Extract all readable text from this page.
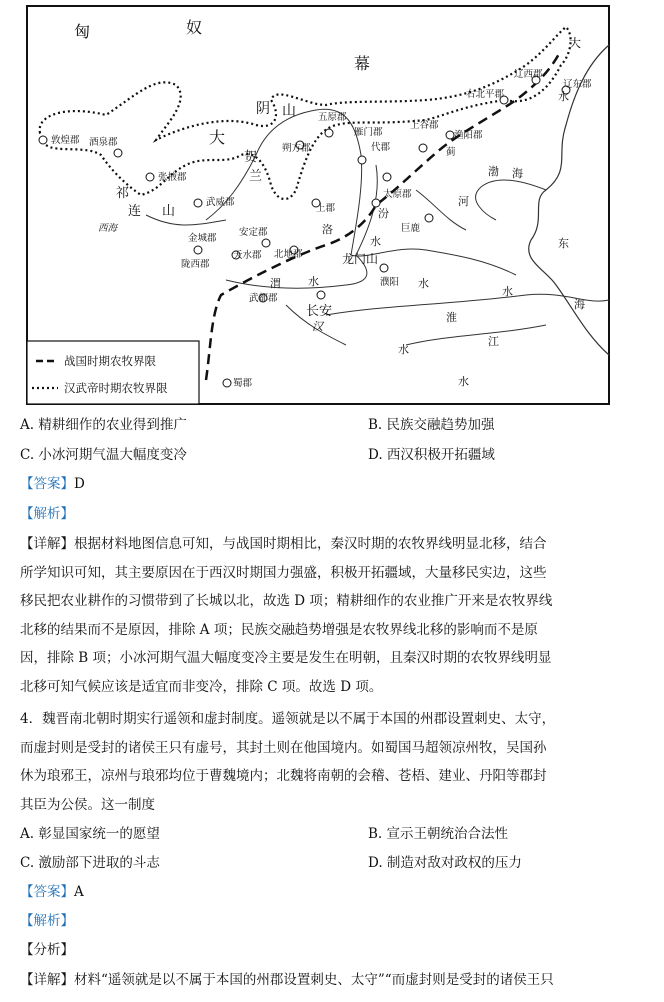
匈	奴
幕
大
大
祁
连 山
贺
兰
阴 山
龙门山
敦煌郡 酒泉郡
张掖郡
武威郡
金城郡
陇西郡
天水郡
安定郡
北地郡
上郡
五原郡
朔方郡
雁门郡
代郡
太原郡
巨鹿
上谷郡
渔阳郡
右北平郡
辽西郡
辽东郡
蓟
武都郡
蜀郡
濮阳
长安
西海
渤 海
东
海
河
汾
洛
渭
水
水	水
水
水
水
水
淮
汉
江
战国时期农牧界限
汉武帝时期农牧界限
A. 精耕细作的农业得到推广	B. 民族交融趋势加强
C. 小冰河期气温大幅度变冷	D. 西汉积极开拓疆域
【答案】D
【解析】
【详解】根据材料地图信息可知，与战国时期相比，秦汉时期的农牧界线明显北移，结合
所学知识可知，其主要原因在于西汉时期国力强盛，积极开拓疆域，大量移民实边，这些
移民把农业耕作的习惯带到了长城以北，故选 D 项；精耕细作的农业推广开来是农牧界线
北移的结果而不是原因，排除 A 项；民族交融趋势增强是农牧界线北移的影响而不是原
因，排除 B 项；小冰河期气温大幅度变冷主要是发生在明朝，且秦汉时期的农牧界线明显
北移可知气候应该是适宜而非变冷，排除 C 项。故选 D 项。
4．魏晋南北朝时期实行遥领和虚封制度。遥领就是以不属于本国的州郡设置刺史、太守，
而虚封则是受封的诸侯王只有虚号，其封土则在他国境内。如蜀国马超领凉州牧，吴国孙
休为琅邪王，凉州与琅邪均位于曹魏境内；北魏将南朝的会稽、苍梧、建业、丹阳等郡封
其臣为公侯。这一制度
A. 彰显国家统一的愿望	B. 宣示王朝统治合法性
C. 激励部下进取的斗志	D. 制造对敌对政权的压力
【答案】A
【解析】
【分析】
【详解】材料“遥领就是以不属于本国的州郡设置刺史、太守”“而虚封则是受封的诸侯王只
